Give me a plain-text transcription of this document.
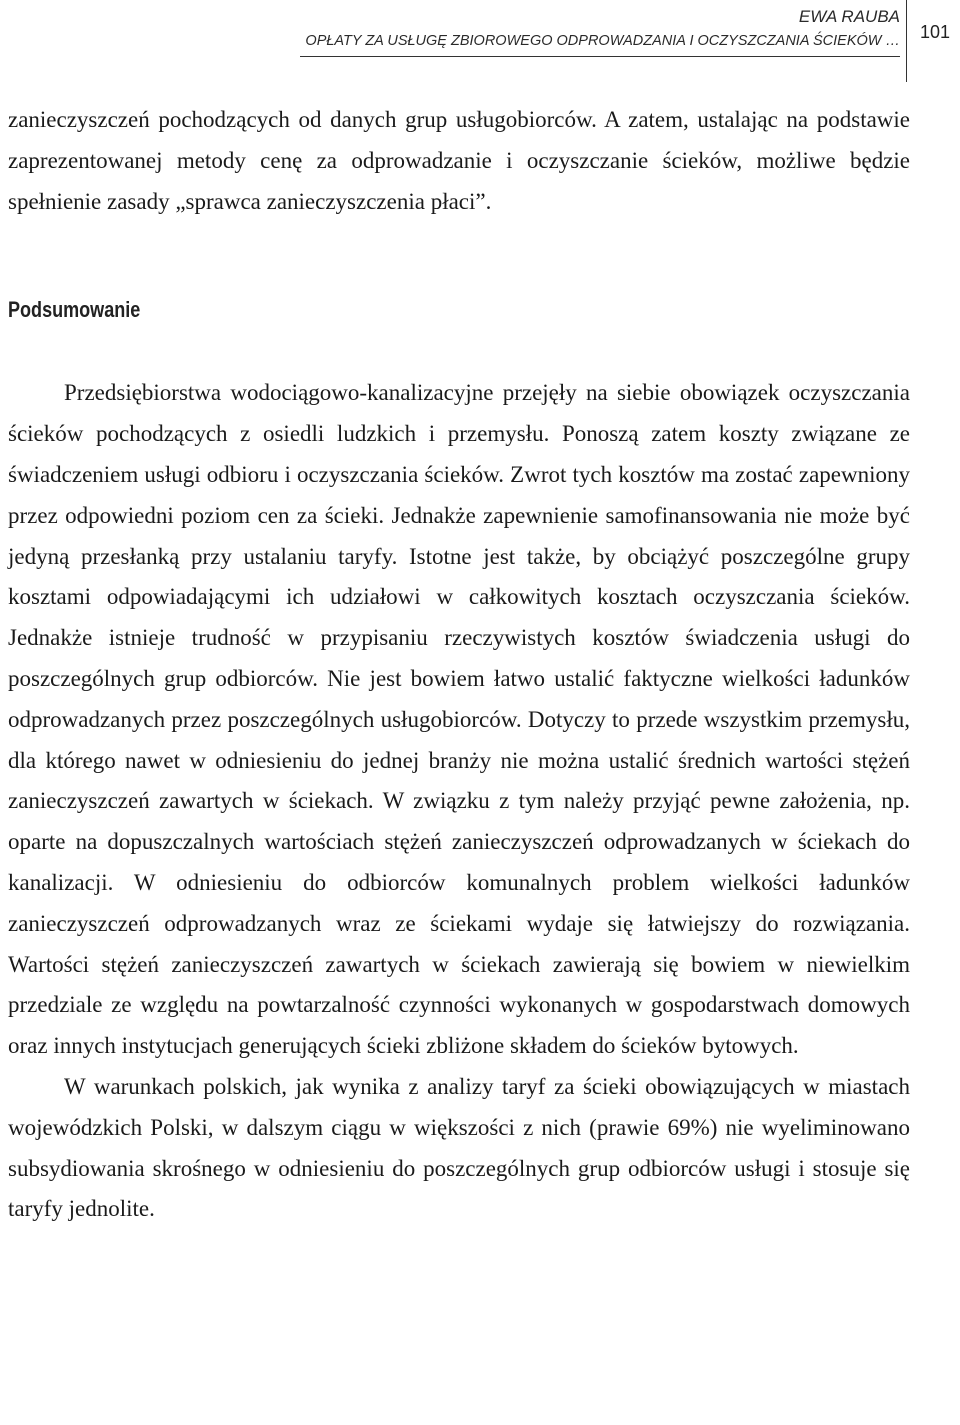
EWA RAUBA
OPŁATY ZA USŁUGĘ ZBIOROWEGO ODPROWADZANIA I OCZYSZCZANIA ŚCIEKÓW …	101

zanieczyszczeń pochodzących od danych grup usługobiorców. A zatem, ustalając na podstawie zaprezentowanej metody cenę za odprowadzanie i oczyszczanie ścieków, możliwe będzie spełnienie zasady „sprawca zanieczyszczenia płaci”.

Podsumowanie

Przedsiębiorstwa wodociągowo-kanalizacyjne przejęły na siebie obowiązek oczyszczania ścieków pochodzących z osiedli ludzkich i przemysłu. Ponoszą zatem koszty związane ze świadczeniem usługi odbioru i oczyszczania ścieków. Zwrot tych kosztów ma zostać zapewniony przez odpowiedni poziom cen za ścieki. Jednakże zapewnienie samofinansowania nie może być jedyną przesłanką przy ustalaniu taryfy. Istotne jest także, by obciążyć poszczególne grupy kosztami odpowiadającymi ich udziałowi w całkowitych kosztach oczyszczania ścieków. Jednakże istnieje trudność w przypisaniu rzeczywistych kosztów świadczenia usługi do poszczególnych grup odbiorców. Nie jest bowiem łatwo ustalić faktyczne wielkości ładunków odprowadzanych przez poszczególnych usługobiorców. Dotyczy to przede wszystkim przemysłu, dla którego nawet w odniesieniu do jednej branży nie można ustalić średnich wartości stężeń zanieczyszczeń zawartych w ściekach. W związku z tym należy przyjąć pewne założenia, np. oparte na dopuszczalnych wartościach stężeń zanieczyszczeń odprowadzanych w ściekach do kanalizacji. W odniesieniu do odbiorców komunalnych problem wielkości ładunków zanieczyszczeń odprowadzanych wraz ze ściekami wydaje się łatwiejszy do rozwiązania. Wartości stężeń zanieczyszczeń zawartych w ściekach zawierają się bowiem w niewielkim przedziale ze względu na powtarzalność czynności wykonanych w gospodarstwach domowych oraz innych instytucjach generujących ścieki zbliżone składem do ścieków bytowych.

W warunkach polskich, jak wynika z analizy taryf za ścieki obowiązujących w miastach wojewódzkich Polski, w dalszym ciągu w większości z nich (prawie 69%) nie wyeliminowano subsydiowania skrośnego w odniesieniu do poszczególnych grup odbiorców usługi i stosuje się taryfy jednolite.
